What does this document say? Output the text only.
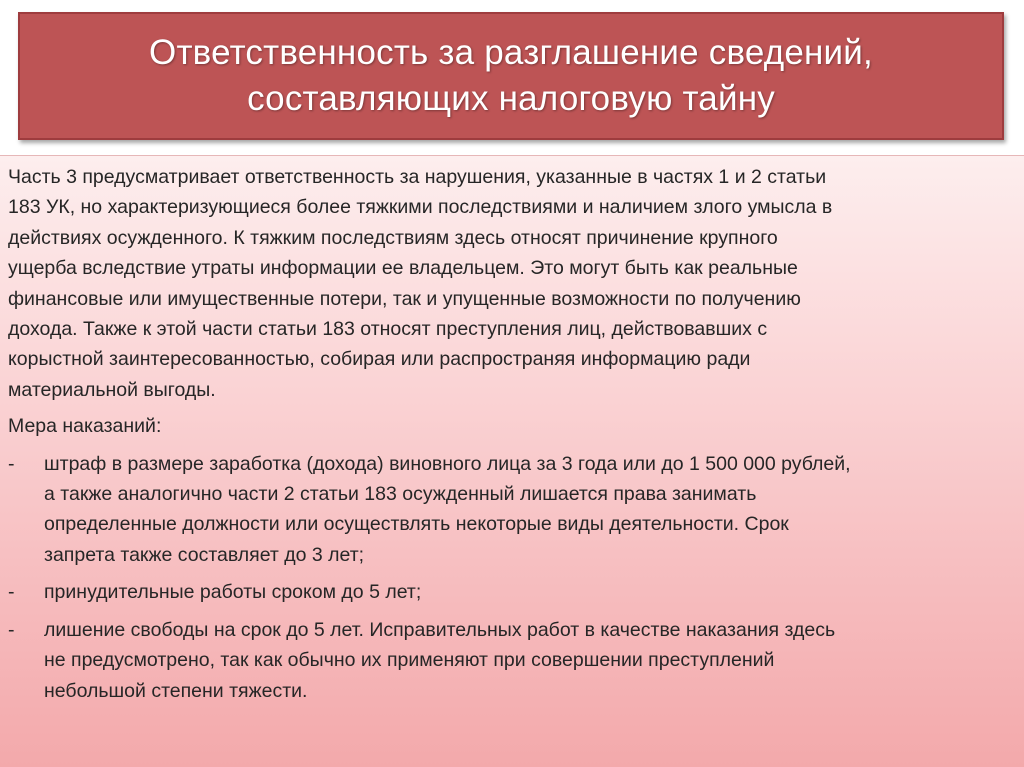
Ответственность за разглашение сведений,
составляющих налоговую тайну

Часть 3 предусматривает ответственность за нарушения, указанные в частях 1 и 2 статьи
183 УК, но характеризующиеся более тяжкими последствиями и наличием злого умысла в
действиях осужденного. К тяжким последствиям здесь относят причинение крупного
ущерба вследствие утраты информации ее владельцем. Это могут быть как реальные
финансовые или имущественные потери, так и упущенные возможности по получению
дохода. Также к этой части статьи 183 относят преступления лиц, действовавших с
корыстной заинтересованностью, собирая или распространяя информацию ради
материальной выгоды.

Мера наказаний:
-	штраф в размере заработка (дохода) виновного лица за 3 года или до 1 500 000 рублей,
а также аналогично части 2 статьи 183 осужденный лишается права занимать
определенные должности или осуществлять некоторые виды деятельности. Срок
запрета также составляет до 3 лет;
-	принудительные работы сроком до 5 лет;
-	лишение свободы на срок до 5 лет. Исправительных работ в качестве наказания здесь
не предусмотрено, так как обычно их применяют при совершении преступлений
небольшой степени тяжести.
